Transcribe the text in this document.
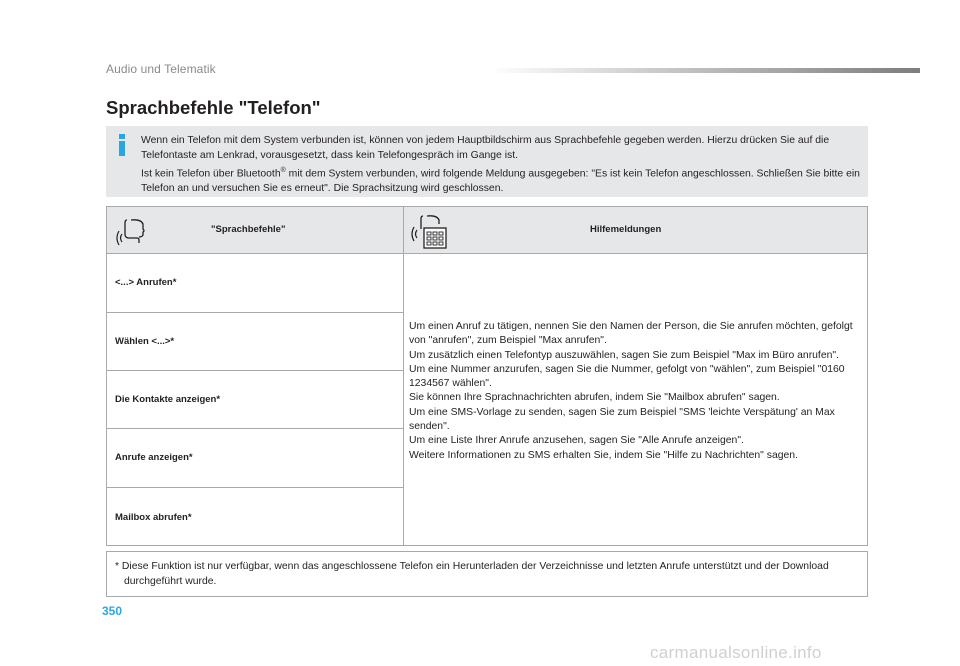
Audio und Telematik
Sprachbefehle "Telefon"

Wenn ein Telefon mit dem System verbunden ist, können von jedem Hauptbildschirm aus Sprachbefehle gegeben werden. Hierzu drücken Sie auf die Telefontaste am Lenkrad, vorausgesetzt, dass kein Telefongespräch im Gange ist.

Ist kein Telefon über Bluetooth® mit dem System verbunden, wird folgende Meldung ausgegeben: "Es ist kein Telefon angeschlossen. Schließen Sie bitte ein Telefon an und versuchen Sie es erneut". Die Sprachsitzung wird geschlossen.

"Sprachbefehle"	Hilfemeldungen
<...> Anrufen*
Wählen <...>*
Die Kontakte anzeigen*
Anrufe anzeigen*
Mailbox abrufen*

Um einen Anruf zu tätigen, nennen Sie den Namen der Person, die Sie anrufen möchten, gefolgt von "anrufen", zum Beispiel "Max anrufen".

Um zusätzlich einen Telefontyp auszuwählen, sagen Sie zum Beispiel "Max im Büro anrufen".

Um eine Nummer anzurufen, sagen Sie die Nummer, gefolgt von "wählen", zum Beispiel "0160 1234567 wählen".

Sie können Ihre Sprachnachrichten abrufen, indem Sie "Mailbox abrufen" sagen.

Um eine SMS-Vorlage zu senden, sagen Sie zum Beispiel "SMS 'leichte Verspätung' an Max senden".

Um eine Liste Ihrer Anrufe anzusehen, sagen Sie "Alle Anrufe anzeigen".

Weitere Informationen zu SMS erhalten Sie, indem Sie "Hilfe zu Nachrichten" sagen.

* Diese Funktion ist nur verfügbar, wenn das angeschlossene Telefon ein Herunterladen der Verzeichnisse und letzten Anrufe unterstützt und der Download durchgeführt wurde.
350
carmanualsonline.info
